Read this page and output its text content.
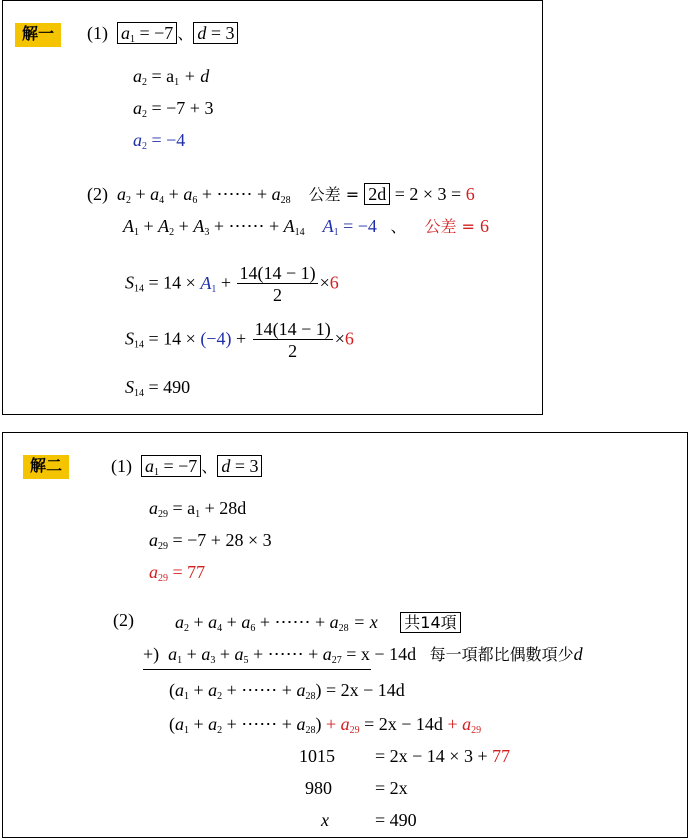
解一	(1) $a_1 = -7$ 、 d = 3
$a_2 = a_1 + d$
$a_2 = -7 + 3$
$a_2 = -4$
(2) $a_2 + a_4 + a_6$ + ⋯⋯ + $a_{28}$ 公差 = 2d = 2 × 3 = 6
$A_1 + A_2 + A_3$ + ⋯⋯ + $A_{14}$ $A_1 = -4$ 、 公差 = 6
$S_{14} = 14 \times A_1 + \frac{14(14 - 1)}{2} \times 6$
$S_{14} = 14 \times (-4) + \frac{14(14 - 1)}{2} \times 6$
$S_{14} = 490$
解二	(1) $a_1 = -7$ 、 d = 3
$a_{29} = a_1 + 28d$
$a_{29} = -7 + 28 \times 3$
$a_{29} = 77$
(2) $a_2 + a_4 + a_6$ + ⋯⋯ + $a_{28} = x$ 共14項
+) $a_1 + a_3 + a_5$ + ⋯⋯ + $a_{27} = x - 14d$ 每一項都比偶數項少d
($a_1 + a_2$ + ⋯⋯ + $a_{28}) = 2x - 14d$
($a_1 + a_2$ + ⋯⋯ + $a_{28}) + a_{29} = 2x - 14d + a_{29}$
1015 = 2x − 14 × 3 + 77
980 = 2x
x	= 490
